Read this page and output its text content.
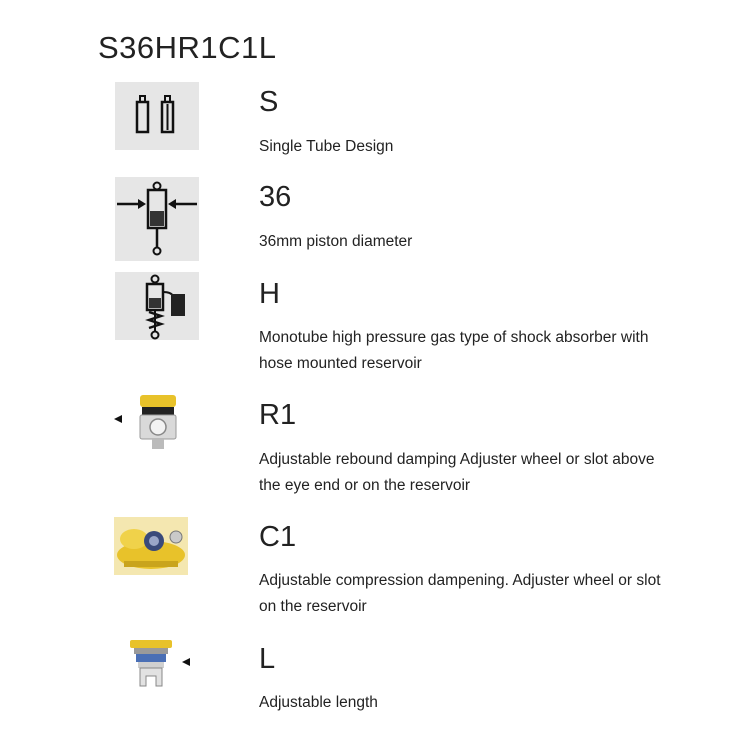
S36HR1C1L
S
Single Tube Design
36
36mm piston diameter
H
Monotube high pressure gas type of shock absorber with hose mounted reservoir
R1
Adjustable rebound damping Adjuster wheel or slot above the eye end or on the reservoir
C1
Adjustable compression dampening. Adjuster wheel or slot on the reservoir
L
Adjustable length
